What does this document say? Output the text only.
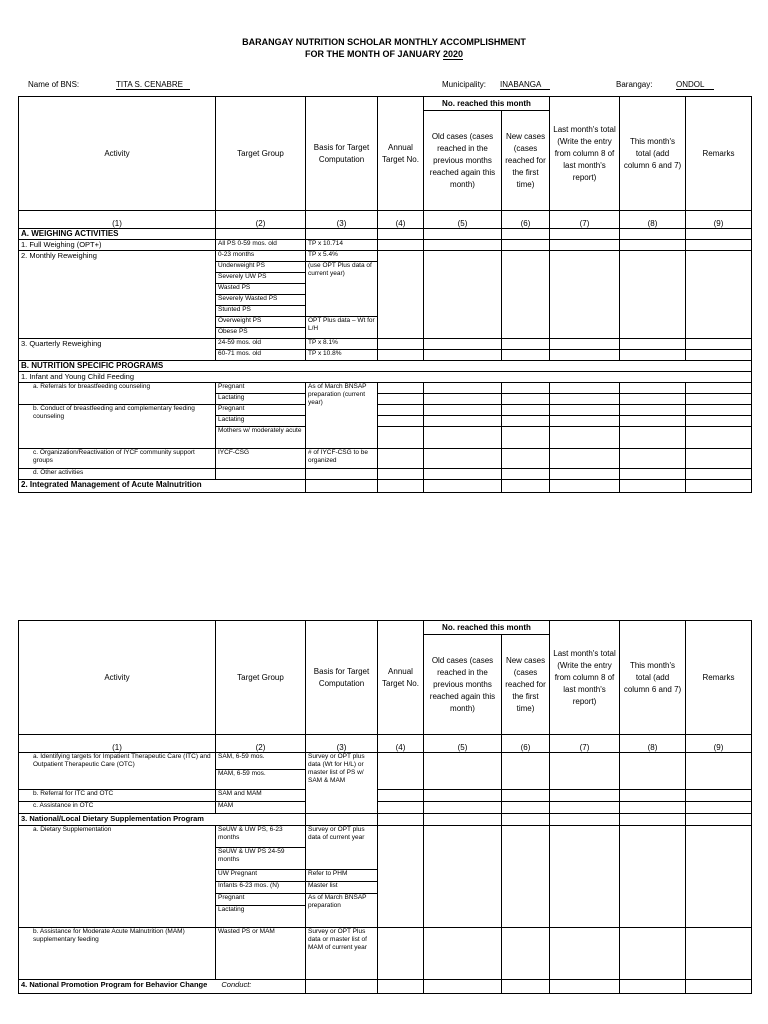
BARANGAY NUTRITION SCHOLAR MONTHLY ACCOMPLISHMENT
FOR THE MONTH OF JANUARY 2020
Name of BNS:	TITA S. CENABRE	Municipality: INABANGA	Barangay:	ONDOL
Activity	Target Group	Basis for Target Computation	Annual Target No.	No. reached this month		Last month's total (Write the entry from column 8 of last month's report)	This month's total (add column 6 and 7)	Remarks
				Old cases (cases reached in the previous months reached again this month)	New cases (cases reached for the first time)			
(1)	(2)	(3)	(4)	(5)	(6)	(7)	(8)	(9)
A. WEIGHING ACTIVITIES								
1. Full Weighing (OPT+)	All PS 0-59 mos. old	TP x 10.714						
2. Monthly Reweighing	0-23 months	TP x 5.4%						
	Underweight PS	(use OPT Plus data of current year)						
	Severely UW PS							
	Wasted PS							
	Severely Wasted PS							
	Stunted PS							
	Overweight PS	OPT Plus data – Wt for L/H						
	Obese PS							
3. Quarterly Reweighing	24-59 mos. old	TP x 8.1%						
	60-71 mos. old	TP x 10.8%						
B. NUTRITION SPECIFIC PROGRAMS								
1. Infant and Young Child Feeding								
a. Referrals for breastfeeding counseling	Pregnant	As of March BNSAP preparation (current year)						
	Lactating							
b. Conduct of breastfeeding and complementary feeding counseling	Pregnant							
	Lactating							
	Mothers w/ moderately acute							
c. Organization/Reactivation of IYCF community support groups	IYCF-CSG	# of IYCF-CSG to be organized						
d. Other activities								
2. Integrated Management of Acute Malnutrition								
Activity	Target Group	Basis for Target Computation	Annual Target No.	No. reached this month		Last month's total (Write the entry from column 8 of last month's report)	This month's total (add column 6 and 7)	Remarks
				Old cases (cases reached in the previous months reached again this month)	New cases (cases reached for the first time)			
(1)	(2)	(3)	(4)	(5)	(6)	(7)	(8)	(9)
a. Identifying targets for Impatient Therapeutic Care (ITC) and Outpatient Therapeutic Care (OTC)	SAM, 6-59 mos.	Survey or OPT plus data (Wt for H/L) or master list of PS w/ SAM & MAM						
	MAM, 6-59 mos.							
b. Referral for ITC and OTC	SAM and MAM							
c. Assistance in OTC	MAM							
3. National/Local Dietary Supplementation Program								
a. Dietary Supplementation	SeUW & UW PS, 6-23 months	Survey or OPT plus data of current year						
	SeUW & UW PS 24-59 months							
	UW Pregnant	Refer to PHM						
	Infants 6-23 mos. (N)	Master list						
	Pregnant	As of March BNSAP preparation						
	Lactating							
b. Assistance for Moderate Acute Malnutrition (MAM) supplementary feeding	Wasted PS or MAM	Survey or OPT Plus data or master list of MAM of current year						
4. National Promotion Program for Behavior Change Conduct:								
